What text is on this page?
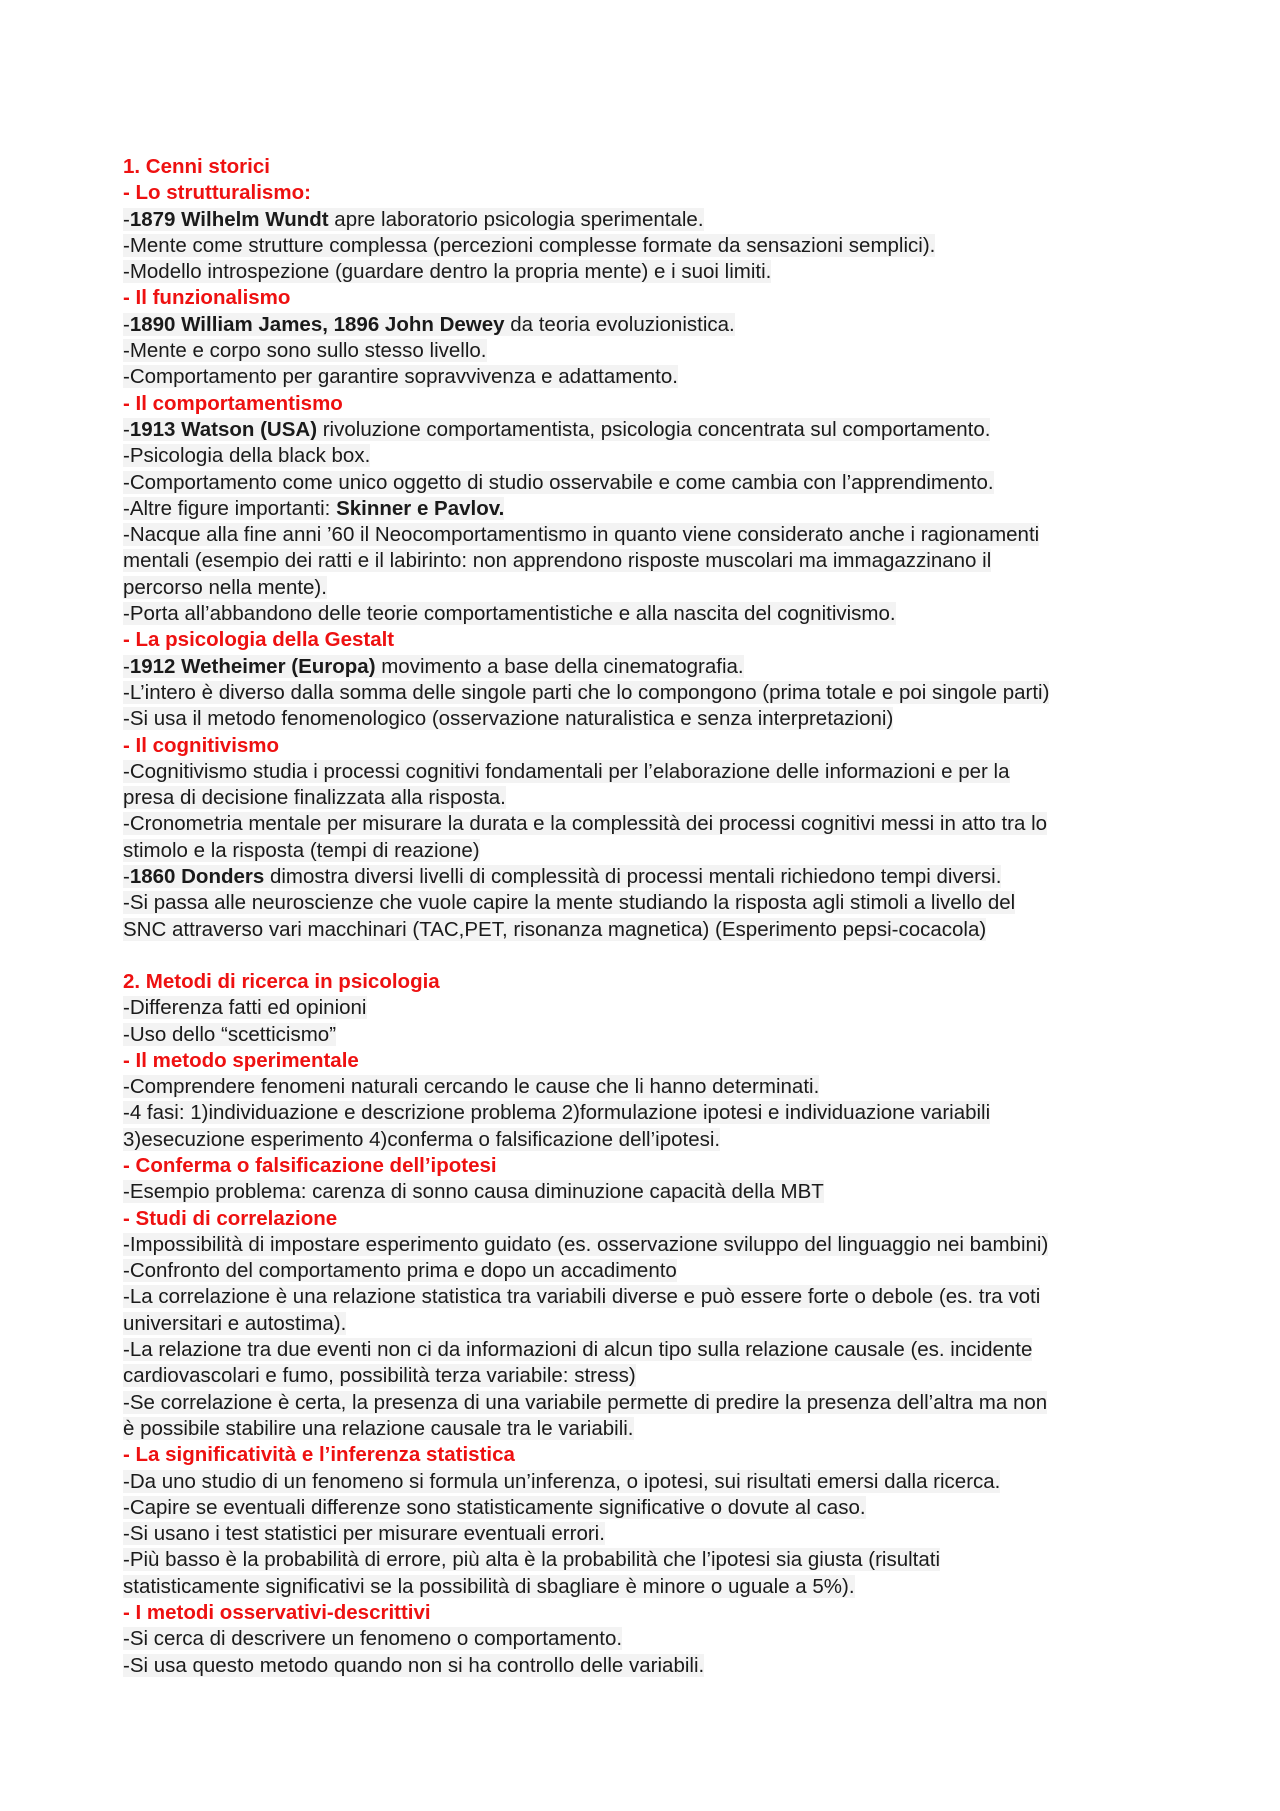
1. Cenni storici
- Lo strutturalismo:
-1879 Wilhelm Wundt apre laboratorio psicologia sperimentale.
-Mente come strutture complessa (percezioni complesse formate da sensazioni semplici).
-Modello introspezione (guardare dentro la propria mente) e i suoi limiti.
- Il funzionalismo
-1890 William James, 1896 John Dewey da teoria evoluzionistica.
-Mente e corpo sono sullo stesso livello.
-Comportamento per garantire sopravvivenza e adattamento.
- Il comportamentismo
-1913 Watson (USA) rivoluzione comportamentista, psicologia concentrata sul comportamento.
-Psicologia della black box.
-Comportamento come unico oggetto di studio osservabile e come cambia con l’apprendimento.
-Altre figure importanti: Skinner e Pavlov.
-Nacque alla fine anni ’60 il Neocomportamentismo in quanto viene considerato anche i ragionamenti
mentali (esempio dei ratti e il labirinto: non apprendono risposte muscolari ma immagazzinano il
percorso nella mente).
-Porta all’abbandono delle teorie comportamentistiche e alla nascita del cognitivismo.
- La psicologia della Gestalt
-1912 Wetheimer (Europa) movimento a base della cinematografia.
-L’intero è diverso dalla somma delle singole parti che lo compongono (prima totale e poi singole parti)
-Si usa il metodo fenomenologico (osservazione naturalistica e senza interpretazioni)
- Il cognitivismo
-Cognitivismo studia i processi cognitivi fondamentali per l’elaborazione delle informazioni e per la
presa di decisione finalizzata alla risposta.
-Cronometria mentale per misurare la durata e la complessità dei processi cognitivi messi in atto tra lo
stimolo e la risposta (tempi di reazione)
-1860 Donders dimostra diversi livelli di complessità di processi mentali richiedono tempi diversi.
-Si passa alle neuroscienze che vuole capire la mente studiando la risposta agli stimoli a livello del
SNC attraverso vari macchinari (TAC,PET, risonanza magnetica) (Esperimento pepsi-cocacola)
2. Metodi di ricerca in psicologia
-Differenza fatti ed opinioni
-Uso dello “scetticismo”
- Il metodo sperimentale
-Comprendere fenomeni naturali cercando le cause che li hanno determinati.
-4 fasi: 1)individuazione e descrizione problema 2)formulazione ipotesi e individuazione variabili
3)esecuzione esperimento 4)conferma o falsificazione dell’ipotesi.
- Conferma o falsificazione dell’ipotesi
-Esempio problema: carenza di sonno causa diminuzione capacità della MBT
- Studi di correlazione
-Impossibilità di impostare esperimento guidato (es. osservazione sviluppo del linguaggio nei bambini)
-Confronto del comportamento prima e dopo un accadimento
-La correlazione è una relazione statistica tra variabili diverse e può essere forte o debole (es. tra voti
universitari e autostima).
-La relazione tra due eventi non ci da informazioni di alcun tipo sulla relazione causale (es. incidente
cardiovascolari e fumo, possibilità terza variabile: stress)
-Se correlazione è certa, la presenza di una variabile permette di predire la presenza dell’altra ma non
è possibile stabilire una relazione causale tra le variabili.
- La significatività e l’inferenza statistica
-Da uno studio di un fenomeno si formula un’inferenza, o ipotesi, sui risultati emersi dalla ricerca.
-Capire se eventuali differenze sono statisticamente significative o dovute al caso.
-Si usano i test statistici per misurare eventuali errori.
-Più basso è la probabilità di errore, più alta è la probabilità che l’ipotesi sia giusta (risultati
statisticamente significativi se la possibilità di sbagliare è minore o uguale a 5%).
- I metodi osservativi-descrittivi
-Si cerca di descrivere un fenomeno o comportamento.
-Si usa questo metodo quando non si ha controllo delle variabili.
